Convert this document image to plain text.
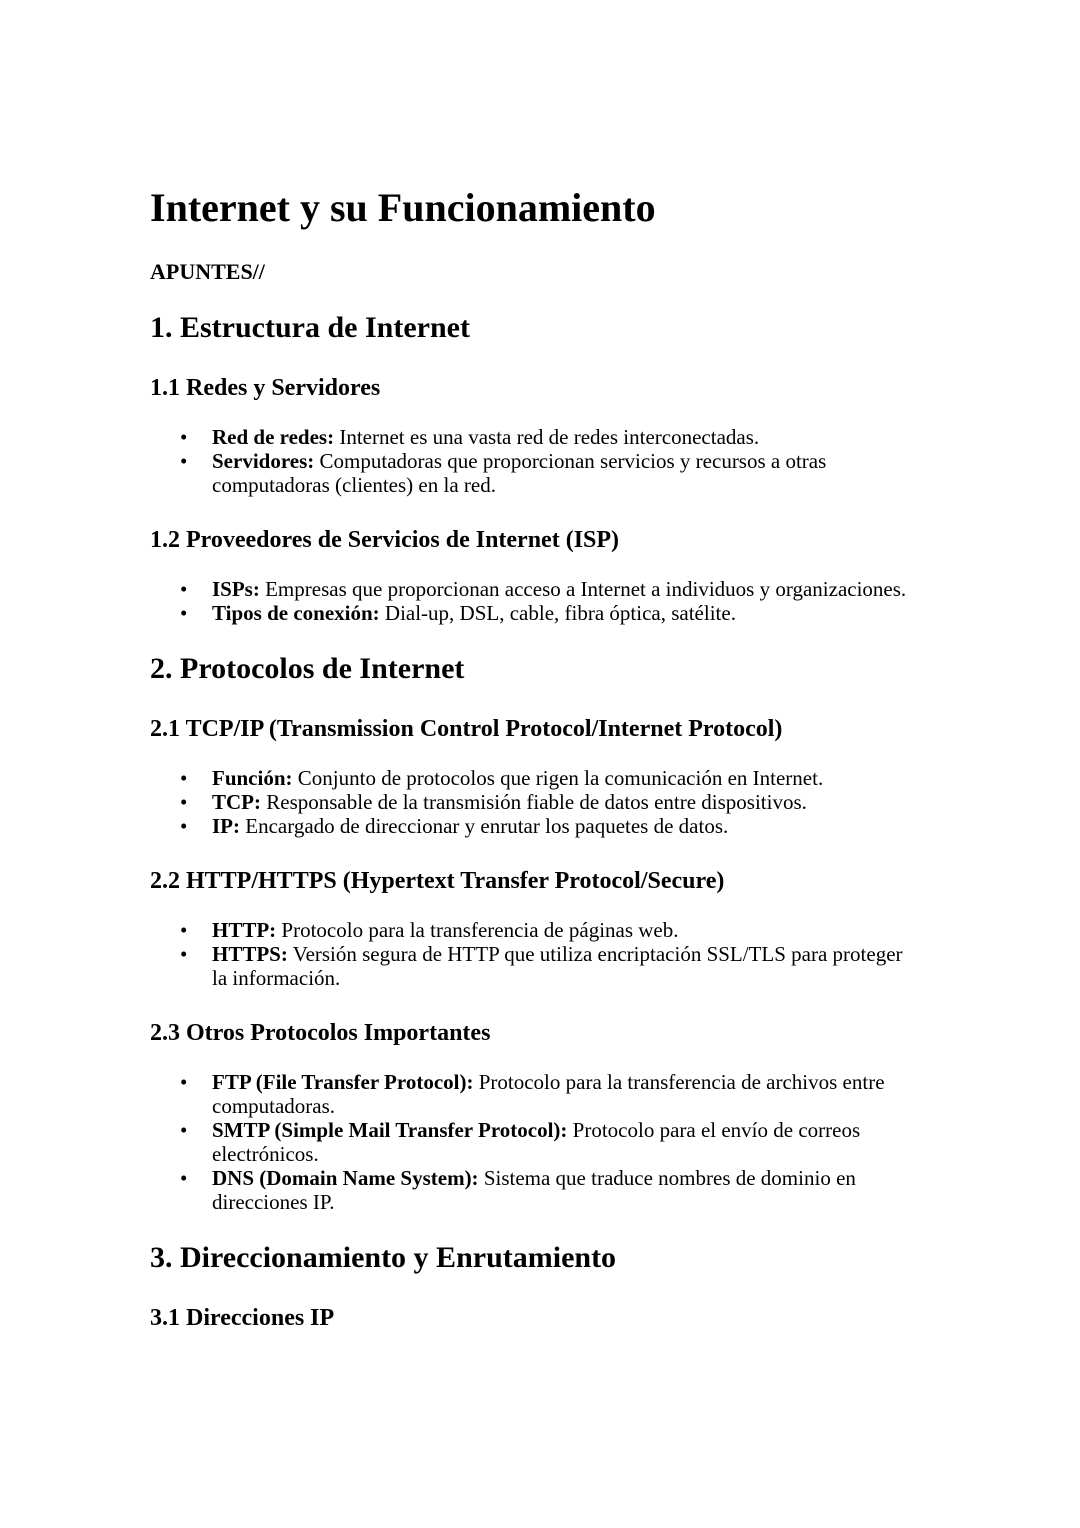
Internet y su Funcionamiento

APUNTES//

1. Estructura de Internet
1.1 Redes y Servidores
• Red de redes: Internet es una vasta red de redes interconectadas.
• Servidores: Computadoras que proporcionan servicios y recursos a otras computadoras (clientes) en la red.
1.2 Proveedores de Servicios de Internet (ISP)
• ISPs: Empresas que proporcionan acceso a Internet a individuos y organizaciones.
• Tipos de conexión: Dial-up, DSL, cable, fibra óptica, satélite.
2. Protocolos de Internet
2.1 TCP/IP (Transmission Control Protocol/Internet Protocol)
• Función: Conjunto de protocolos que rigen la comunicación en Internet.
• TCP: Responsable de la transmisión fiable de datos entre dispositivos.
• IP: Encargado de direccionar y enrutar los paquetes de datos.
2.2 HTTP/HTTPS (Hypertext Transfer Protocol/Secure)
• HTTP: Protocolo para la transferencia de páginas web.
• HTTPS: Versión segura de HTTP que utiliza encriptación SSL/TLS para proteger la información.
2.3 Otros Protocolos Importantes
• FTP (File Transfer Protocol): Protocolo para la transferencia de archivos entre computadoras.
• SMTP (Simple Mail Transfer Protocol): Protocolo para el envío de correos electrónicos.
• DNS (Domain Name System): Sistema que traduce nombres de dominio en direcciones IP.
3. Direccionamiento y Enrutamiento
3.1 Direcciones IP
